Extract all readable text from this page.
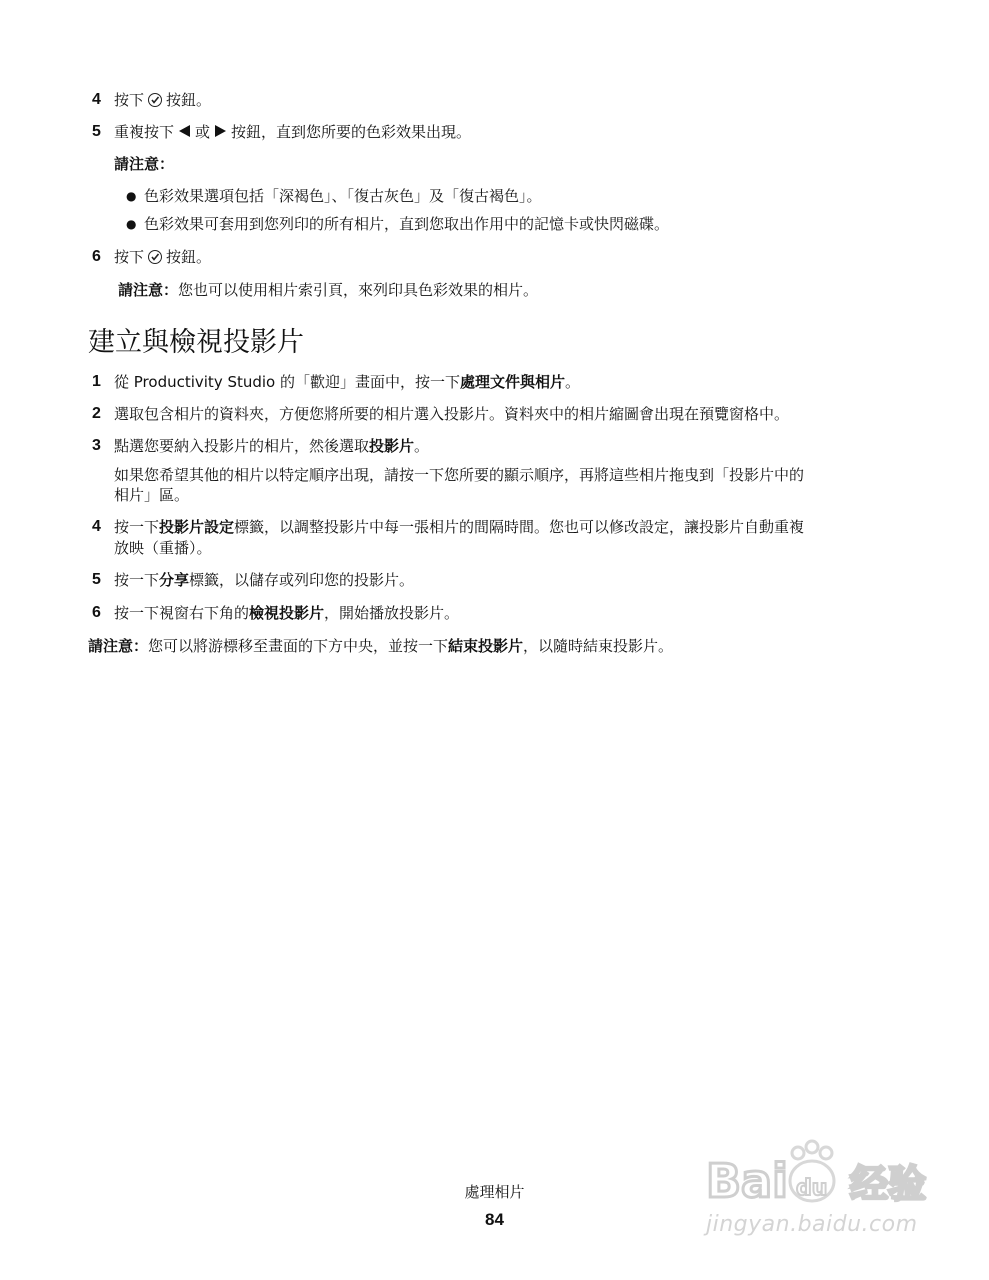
4 按下 按鈕。
5 重複按下 或 按鈕，直到您所要的色彩效果出現。
請注意：
● 色彩效果選項包括「深褐色」、「復古灰色」及「復古褐色」。
● 色彩效果可套用到您列印的所有相片，直到您取出作用中的記憶卡或快閃磁碟。
6 按下 按鈕。
請注意：您也可以使用相片索引頁，來列印具色彩效果的相片。
建立與檢視投影片
1 從 Productivity Studio 的「歡迎」畫面中，按一下處理文件與相片。
2 選取包含相片的資料夾，方便您將所要的相片選入投影片。資料夾中的相片縮圖會出現在預覽窗格中。
3 點選您要納入投影片的相片，然後選取投影片。
如果您希望其他的相片以特定順序出現，請按一下您所要的顯示順序，再將這些相片拖曳到「投影片中的
相片」區。
4 按一下投影片設定標籤，以調整投影片中每一張相片的間隔時間。您也可以修改設定，讓投影片自動重複
放映（重播）。
5 按一下分享標籤，以儲存或列印您的投影片。
6 按一下視窗右下角的檢視投影片，開始播放投影片。
請注意：您可以將游標移至畫面的下方中央，並按一下結束投影片，以隨時結束投影片。
處理相片
84
Bai du 经验
jingyan.baidu.com
